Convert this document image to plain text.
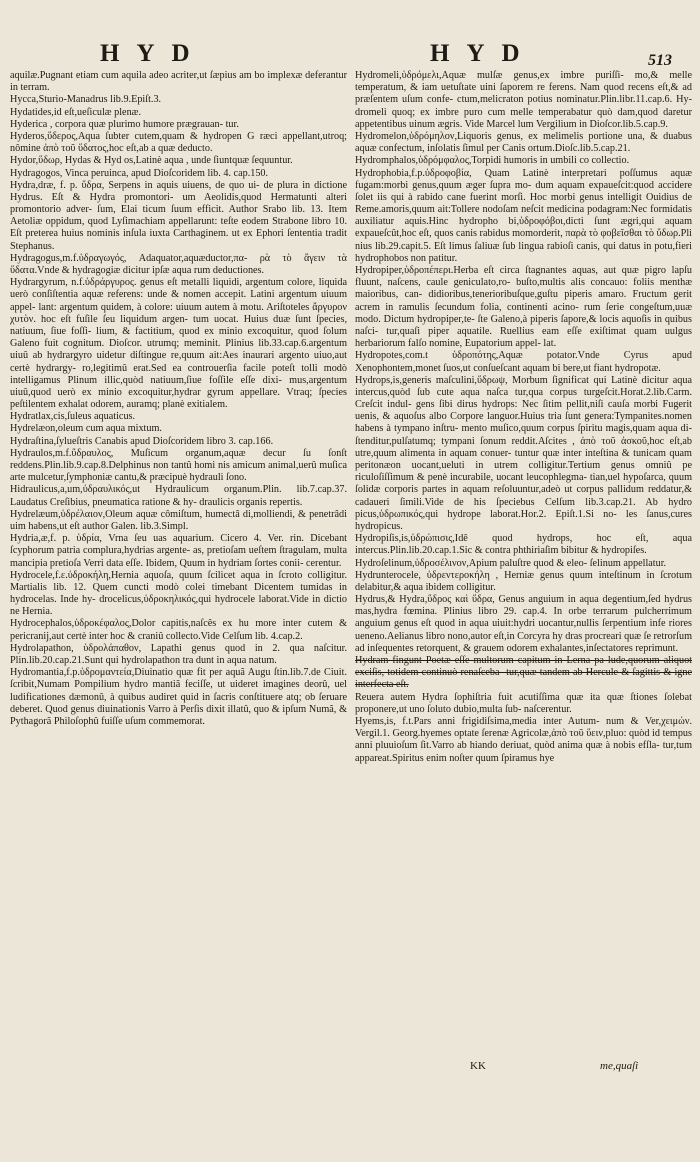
HYD	HYD	513

aquilæ.Pugnant etiam cum aquila adeo acriter,ut ſæpius am bo implexæ deferantur in terram.

Hycca,Sturio-Manadrus lib.9.Epiſt.3.

Hydatides,id eſt,ueſiculæ plenæ.

Hyderica , corpora quæ plurimo humore prægrauan- tur.

Hyderos,ὕδερος,Aqua ſubter cutem,quam & hydropen G ræci appellant,utroq; nômine ἀπὸ τοῦ ὕδατος,hoc eſt,ab a quæ deducto.

Hydor,ὕδωρ, Hydas & Hyd os,Latinè aqua , unde ſiuntquæ ſequuntur.

Hydragogos, Vinca peruinca, apud Dioſcoridem lib. 4. cap.150.

Hydra,dræ, f. p. ὕδρα, Serpens in aquis uiuens, de quo ui- de plura in dictione Hydrus. Eſt & Hydra promontori- um Aeolidis,quod Hermatunti alteri promontorio adver- ſum, Elai ticum ſuum efficit. Author Srabo lib. 13. Item Aetoliæ oppidum, quod Lyſimachiam appellarunt: teſte eodem Strabone libro 10. Eſt preterea huius nominis inſula iuxta Carthaginem. ut ex Ephori ſententia tradit Stephanus.

Hydragogus,m.f.ὑδραγωγός, Adaquator,aquæductor,πα- ρὰ τὸ ἄγειν τὰ ὕδατα.Vnde & hydragogiæ dicitur ipſæ aqua rum deductiones.

Hydrargyrum, n.f.ὑδράργυρος. genus eſt metalli liquidi, argentum colore, liquida uerò conſiſtentia aquæ referens: unde & nomen accepit. Latini argentum uiuum appel- lant: argentum quidem, à colore: uiuum autem à motu. Ariſtoteles ἄργυρον χυτὸν. hoc eſt fuſile ſeu liquidum argen- tum uocat. Huius duæ ſunt ſpecies, natiuum, ſiue foſſi- lium, & factitium, quod ex minio excoquitur, quod ſolum Galeno fuit cognitum. Dioſcor. utrumq; meminit. Plinius lib.33.cap.6.argentum uiuû ab hydrargyro uidetur diſtingue re,quum ait:Aes inaurari argento uiuo,aut certè hydrargy- ro,legitimû erat.Sed ea controuerſia facile poteſt tolli modò intelligamus Plinum illic,quòd natiuum,ſiue foſſile eſſe dixi- mus,argentum uiuû,quod uerò ex minio excoquitur,hydrar gyrum appellare. Vtraq; ſpecies peſtilentem exhalat odorem, auramq; planè exitialem.

Hydratlax,cis,ſuleus aquaticus.

Hydrelæon,oleum cum aqua mixtum.

Hydraſtina,ſylueſtris Canabis apud Dioſcoridem libro 3. cap.166.

Hydraulos,m.f.ὕδραυλος, Muſicum organum,aquæ decur ſu ſonſt reddens.Plin.lib.9.cap.8.Delphinus non tantû homi nis amicum animal,uerû muſica arte mulcetur,ſymphoniæ cantu,& præcipuè hydrauli ſono.

Hidraulicus,a,um,ὑδραυλικός,ut Hydraulicum organum.Plin. lib.7.cap.37. Laudatus Creſibius, pneumatica ratione & hy- draulicis organis repertis.

Hydrelæum,ὑδρέλαιον,Oleum aquæ cômiſtum, humectâ di,molliendi, & penetrâdi uim habens,ut eſt author Galen. lib.3.Simpl.

Hydria,æ,f. p. ὑδρία, Vrna ſeu uas aquarium. Cicero 4. Ver. rin. Dicebant ſcyphorum patria complura,hydrias argente- as, pretioſam ueſtem ſtragulam, multa mancipia pretioſa Verri data eſſe. Ibidem, Quum in hydriam ſortes conii- cerentur.

Hydrocele,f.ε.ὑδροκήλη,Hernia aquoſa, quum ſcilicet aqua in ſcroto colligitur. Martialis lib. 12. Quem cuncti modò colei timebant Dicentem tumidas in hydrocelas. Inde hy- drocelicus,ὑδροκηλικός,qui hydrocele laborat.Vide in dictio ne Hernia.

Hydrocephalos,ὑδροκέφαλος,Dolor capitis,naſcês ex hu more inter cutem & pericranij,aut certè inter hoc & craniû collecto.Vide Celſum lib. 4.cap.2.

Hydrolapathon, ὑδρολάπαθον, Lapathi genus quod in 2. qua naſcitur. Plin.lib.20.cap.21.Sunt qui hydrolapathon tra dunt in aqua natum.

Hydromantia,f.p.ὑδρομαντεία,Diuinatio quæ fit per aquã Augu ſtin.lib.7.de Ciuit. ſcribit,Numam Pompilium hydro mantiã feciſſe, ut uideret imagines deorû, uel ludificationes dæmonû, à quibus audiret quid in ſacris conſtituere atq; ob ſeruare deberet. Quod genus diuinationis Varro à Perſis dixit illatû, quo & ipſum Numã, & Pythagorã Philoſophû fuiſſe uſum commemorat.

Hydromeli,ὑδρόμελι,Aquæ mulſæ genus,ex imbre puriſſi- mo,& melle temperatum, & iam uetuſtate uini ſaporem re ferens. Nam quod recens eſt,& ad præſentem uſum confe- ctum,melicraton potius nominatur.Plin.libr.11.cap.6. Hy- dromeli quoq; ex imbre puro cum melle temperabatur quò dam,quod daretur appetentibus uinum ægris. Vide Marcel lum Vergilium in Dioſcor.lib.5.cap.9.

Hydromelon,ὑδρόμηλον,Liquoris genus, ex melimelis portione una, & duabus aquæ confectum, inſolatis ſimul per Canis ortum.Dioſc.lib.5.cap.21.

Hydromphalos,ὑδρόμφαλος,Torpidi humoris in umbili co collectio.

Hydrophobia,f.p.ὑδροφοβία, Quam Latinè interpretari poſſumus aquæ fugam:morbi genus,quum æger ſupra mo- dum aquam expaueſcit:quod accidere ſolet iis qui à rabido cane fuerint morſi. Hoc morbi genus intelligit Ouidius de Reme.amoris,quum ait:Tollere nodoſam neſcit medicina podagram:Nec formidatis auxiliatur aquis.Hinc hydropho bi,ὑδροφόβοι,dicti ſunt ægri,qui aquam expaueſcût,hoc eſt, quos canis rabidus momorderit, παρὰ τὸ φοβεῖσθαι τὸ ὕδωρ.Pli nius lib.29.capit.5. Eſt limus ſaliuæ ſub lingua rabioſi canis, qui datus in potu,fieri hydrophobos non patitur.

Hydropiper,ὑδροπέπερι.Herba eſt circa ſtagnantes aquas, aut quæ pigro lapſu fluunt, naſcens, caule geniculato,ro- buſto,multis alis concauo: foliis menthæ maioribus, can- didioribus,tenerioribuſque,guſtu piperis amaro. Fructum gerit acrem in ramulis ſecundum folia, continenti acino- rum ſerie congeſtum,uuæ modo. Dictum hydropiper,te- ſte Galeno,à piperis ſapore,& locis aquoſis in quibus naſci- tur,quaſi piper aquatile. Ruellius eam eſſe exiſtimat quam uulgus herbariorum falſo nomine, Eupatorium appel- lat.

Hydropotes,com.t ὑδροπότης,Aquæ potator.Vnde Cyrus apud Xenophontem,monet ſuos,ut conſueſcant aquam bi bere,ut fiant hydropotæ.

Hydrops,is,generis maſculini,ὕδρωψ, Morbum ſignificat qui Latinè dicitur aqua intercus,quòd ſub cute aqua naſca tur,qua corpus turgeſcit.Horat.2.lib.Carm. Creſcit indul- gens ſibi dirus hydrops: Nec ſitim pellit,niſi cauſa morbi Fugerit uenis, & aquoſus albo Corpore languor.Huius tria ſunt genera:Tympanites.nomen habens à tympano inſtru- mento muſico,quum corpus ſpiritu magis,quam aqua di- ſtenditur,pulſatumq; tympani ſonum reddit.Aſcites , ἀπὸ τοῦ ἀσκοῦ,hoc eſt,ab utre,quum alimenta in aquam conuer- tuntur quæ inter inteſtina & tunicam quam peritonæon uocant,ueluti in utrem colligitur.Tertium genus omniû pe riculoſiſſimum & penè incurabile, uocant leucophlegma- tian,uel hypoſarca, quum ſolidæ corporis partes in aquam reſoluuntur,adeò ut corpus pallidum reddatur,& cadaueri ſimili.Vide de his ſpeciebus Celſum lib.3.cap.21. Ab hydro picus,ὑδρωπικός,qui hydrope laborat.Hor.2. Epiſt.1.Si no- les ſanus,cures hydropicus.

Hydropiſis,is,ὑδρώπισις,Idê quod hydrops, hoc eſt, aqua intercus.Plin.lib.20.cap.1.Sic & contra phthiriaſim bibitur & hydropiſes.

Hydroſelinum,ὑδροσέλινον,Apium paluſtre quod & eleo- ſelinum appellatur.

Hydrunterocele, ὑδρεντεροκήλη , Herniæ genus quum inteſtinum in ſcrotum delabitur,& aqua ibidem colligitur.

Hydrus,& Hydra,ὕδρος καὶ ὕδρα, Genus anguium in aqua degentium,ſed hydrus mas,hydra fœmina. Plinius libro 29. cap.4. In orbe terrarum pulcherrimum anguium genus eſt quod in aqua uiuit:hydri uocantur,nullis ſerpentium infe riores ueneno.Aelianus libro nono,autor eſt,in Corcyra hy dras procreari quæ ſe retrorſum ad inſequentes retorquent, & grauem odorem exhalantes,inſectatores reprimunt.

Hydram fingunt Poetæ eſſe multorum capitum in Lerna pa lude,quorum aliquot exciſis, totidem continuò renaſceba- tur,quæ tandem ab Hercule & ſagittis & igne interfecta eſt.

Reuera autem Hydra ſophiſtria fuit acutiſſima quæ ita quæ ſtiones ſolebat proponere,ut uno ſoluto dubio,multa ſub- naſcerentur.

Hyems,is, f.t.Pars anni frigidiſsima,media inter Autum- num & Ver,χειμών. Vergil.1. Georg.hyemes optate ſerenæ Agricolæ,ἀπὸ τοῦ ὕειν,pluo: quòd id tempus anni pluuioſum ſit.Varro ab hiando deriuat, quòd anima quæ à nobis efſla- tur,tum appareat.Spiritus enim noſter quum ſpiramus hye

KK	me,quaſi
